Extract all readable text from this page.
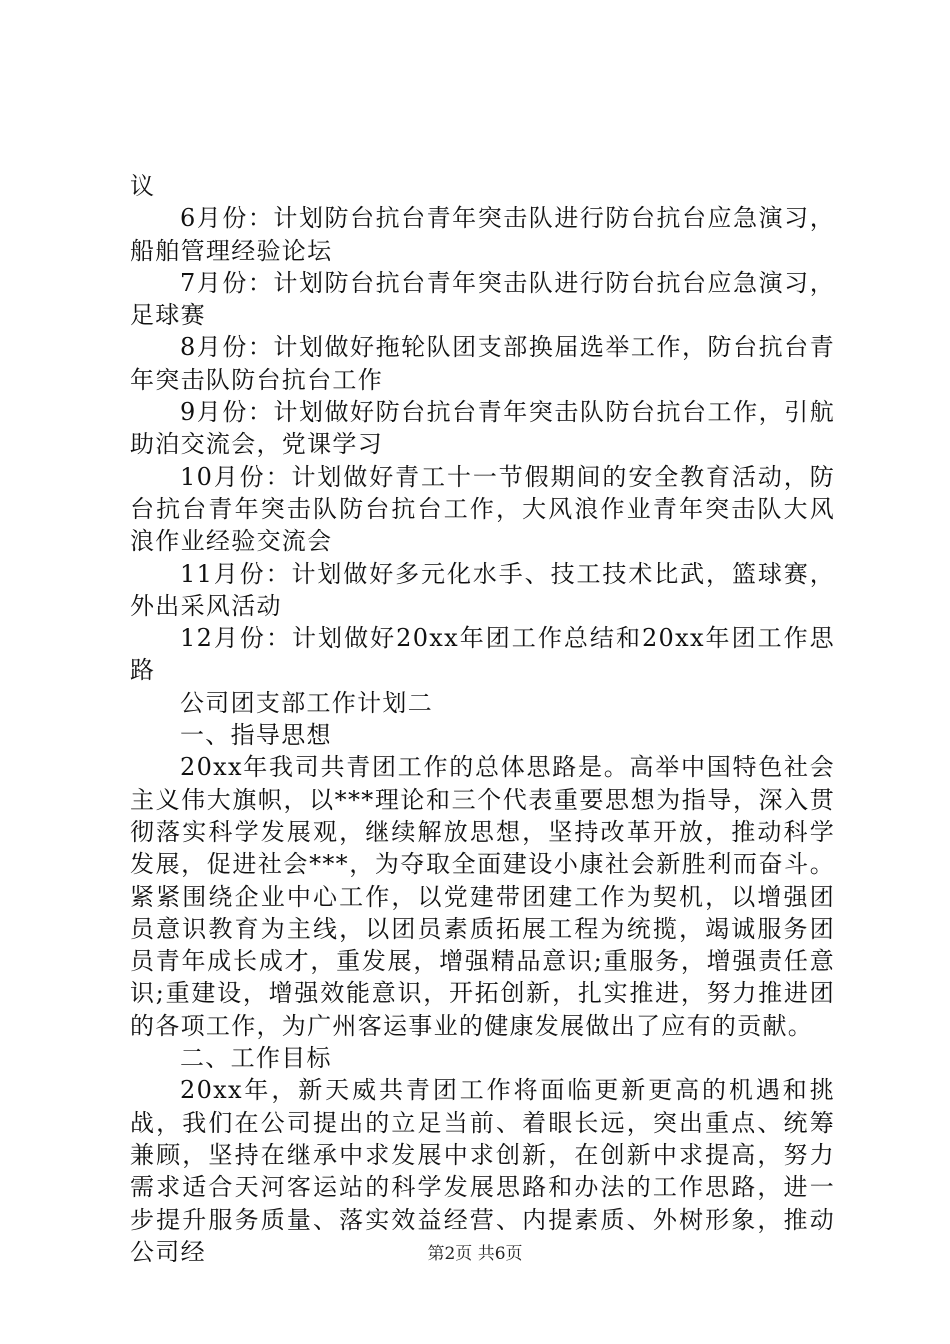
议

6月份：计划防台抗台青年突击队进行防台抗台应急演习，船舶管理经验论坛

7月份：计划防台抗台青年突击队进行防台抗台应急演习，足球赛

8月份：计划做好拖轮队团支部换届选举工作，防台抗台青年突击队防台抗台工作

9月份：计划做好防台抗台青年突击队防台抗台工作，引航助泊交流会，党课学习

10月份：计划做好青工十一节假期间的安全教育活动，防台抗台青年突击队防台抗台工作，大风浪作业青年突击队大风浪作业经验交流会

11月份：计划做好多元化水手、技工技术比武，篮球赛，外出采风活动

12月份：计划做好20xx年团工作总结和20xx年团工作思路

公司团支部工作计划二

一、指导思想

20xx年我司共青团工作的总体思路是。高举中国特色社会主义伟大旗帜，以***理论和三个代表重要思想为指导，深入贯彻落实科学发展观，继续解放思想，坚持改革开放，推动科学发展，促进社会***，为夺取全面建设小康社会新胜利而奋斗。紧紧围绕企业中心工作，以党建带团建工作为契机，以增强团员意识教育为主线，以团员素质拓展工程为统揽，竭诚服务团员青年成长成才，重发展，增强精品意识;重服务，增强责任意识;重建设，增强效能意识，开拓创新，扎实推进，努力推进团的各项工作，为广州客运事业的健康发展做出了应有的贡献。

二、工作目标

20xx年，新天威共青团工作将面临更新更高的机遇和挑战，我们在公司提出的立足当前、着眼长远，突出重点、统筹兼顾，坚持在继承中求发展中求创新，在创新中求提高，努力需求适合天河客运站的科学发展思路和办法的工作思路，进一步提升服务质量、落实效益经营、内提素质、外树形象，推动公司经	第2页 共6页
